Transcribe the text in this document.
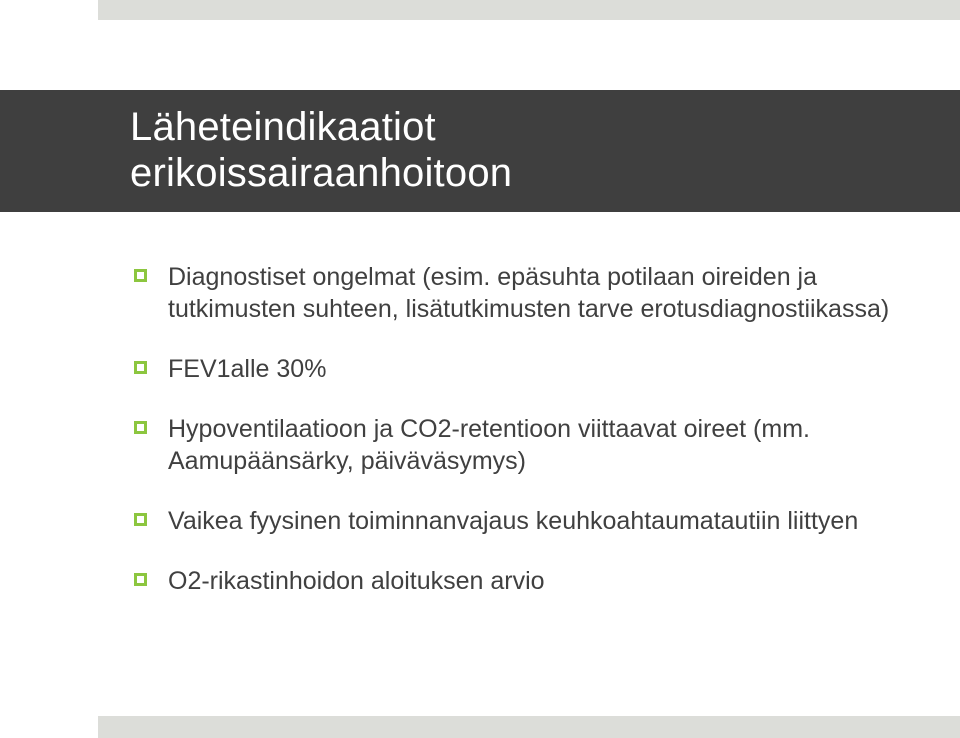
Läheteindikaatiot
erikoissairaanhoitoon
Diagnostiset ongelmat (esim. epäsuhta potilaan oireiden ja tutkimusten suhteen, lisätutkimusten tarve erotusdiagnostiikassa)
FEV1alle 30%
Hypoventilaatioon ja CO2-retentioon viittaavat oireet (mm. Aamupäänsärky, päiväväsymys)
Vaikea fyysinen toiminnanvajaus keuhkoahtaumatautiin liittyen
O2-rikastinhoidon aloituksen arvio
